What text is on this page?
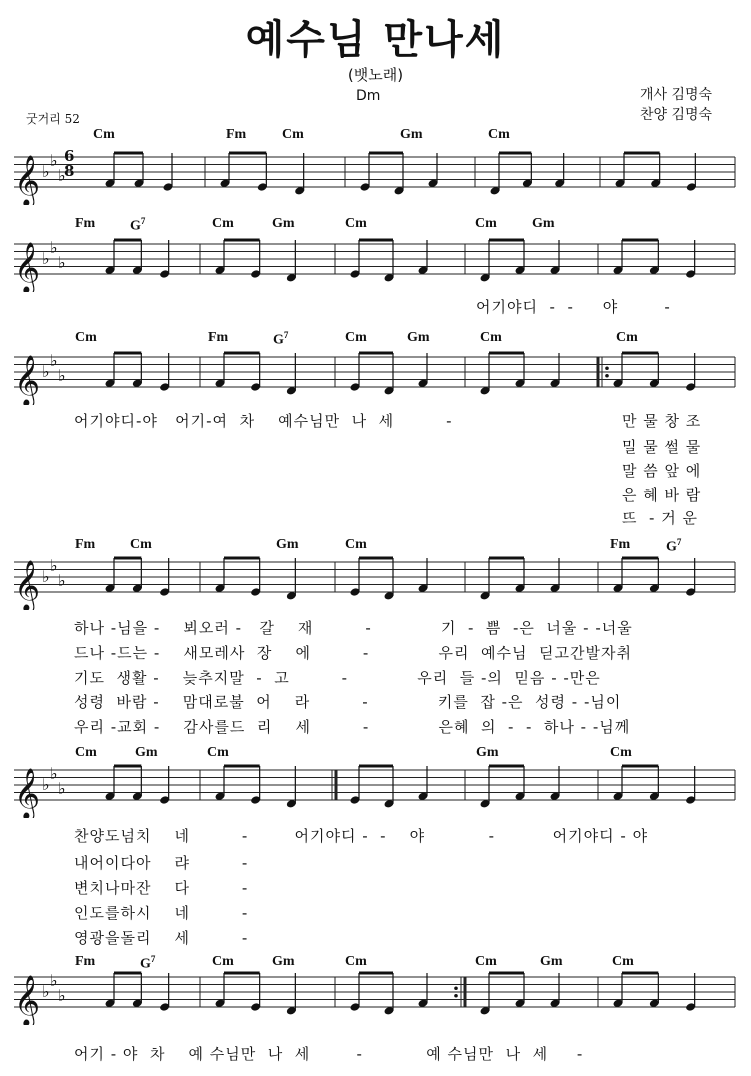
예수님 만나세
(뱃노래)
Dm	개사 김명숙
찬양 김명숙
굿거리 52
Cm	Fm	Cm	Gm	Cm
𝄞 ♭
♭
♭
6
8
Fm $G^7$	Cm	Gm	Cm	Cm	Gm
𝄞 ♭
♭
♭
어기야디  -  -     야        -
Cm	Fm	$G^7$	Cm	Gm	Cm	Cm
𝄞 ♭
♭
♭
어기야디-야   어기-여  차    예수님만  나  세         -	만 물 창 조
밀 물 썰 물
말 씀 앞 에
은 혜 바 람
뜨  - 거 운
Fm Cm	Gm	Cm	Fm	$G^7$
𝄞 ♭
♭
♭
하나 -님을 -    뵈오러 -   갈    재         -            기  -  쁨  -은  너울 - -너울
드나 -드는 -    새모레사  장    에         -            우리  예수님  딛고간발자취
기도  생활 -    늦추지말  -  고         -            우리  들 -의  믿음 - -만은
성령  바람 -    맘대로불  어    라         -            키를  잡 -은  성령 - -님이
우리 -교회 -    감사를드  리    세         -            은혜  의  -  -  하나 - -님께
Cm	Gm	Cm	Gm	Cm
𝄞 ♭
♭
♭
찬양도넘치    네         -        어기야디 -  -    야           -          어기야디 - 야
내어이다아    랴         -
변치나마잔    다         -
인도를하시    네         -
영광을돌리    세         -
Fm	$G^7$	Cm	Gm	Cm	Cm	Gm	Cm
𝄞 ♭
♭
♭
어기 - 야  차    예 수님만  나  세        -           예 수님만  나  세     -
